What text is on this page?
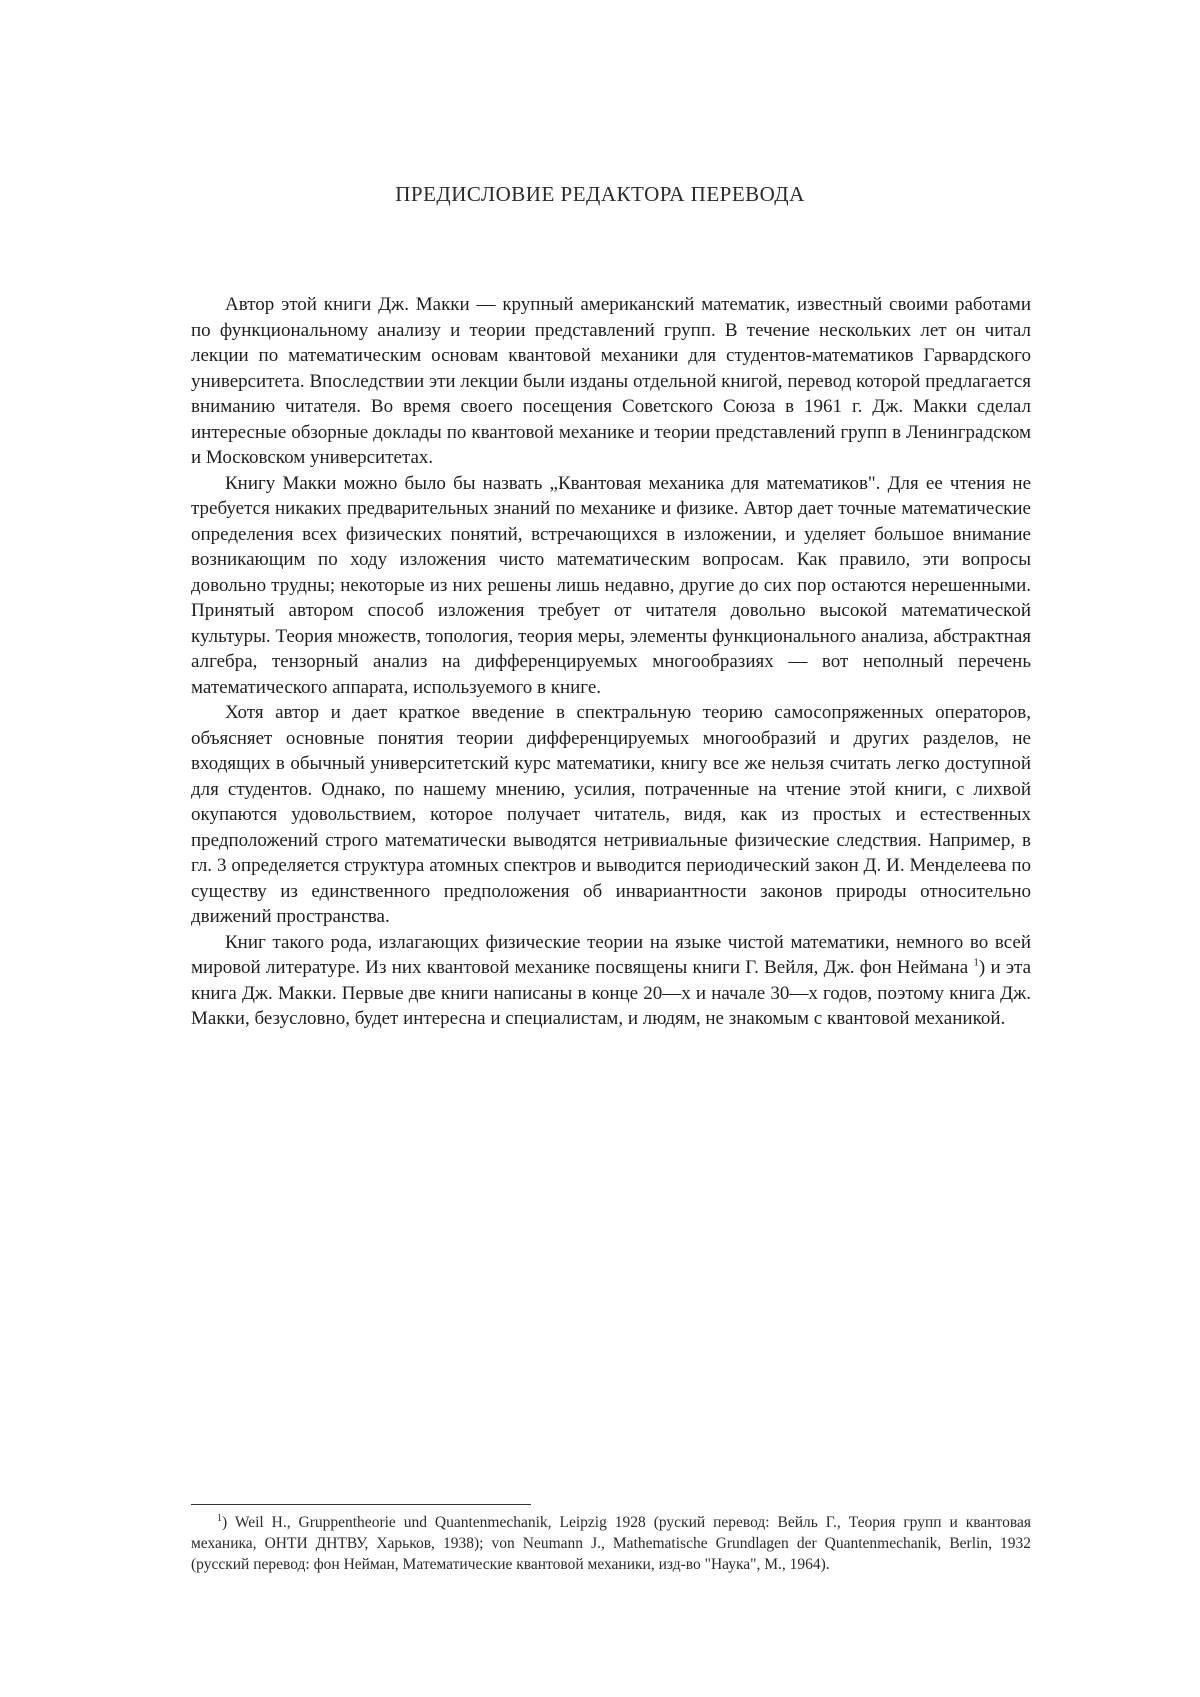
ПРЕДИСЛОВИЕ РЕДАКТОРА ПЕРЕВОДА

Автор этой книги Дж. Макки — крупный американский математик, известный своими работами по функциональному анализу и теории представлений групп. В течение нескольких лет он читал лекции по математическим основам квантовой механики для студентов-математиков Гарвардского университета. Впоследствии эти лекции были изданы отдельной книгой, перевод которой предлагается вниманию читателя. Во время своего посещения Советского Союза в 1961 г. Дж. Макки сделал интересные обзорные доклады по квантовой механике и теории представлений групп в Ленинградском и Московском университетах.

Книгу Макки можно было бы назвать „Квантовая механика для математиков". Для ее чтения не требуется никаких предварительных знаний по механике и физике. Автор дает точные математические определения всех физических понятий, встречающихся в изложении, и уделяет большое внимание возникающим по ходу изложения чисто математическим вопросам. Как правило, эти вопросы довольно трудны; некоторые из них решены лишь недавно, другие до сих пор остаются нерешенными. Принятый автором способ изложения требует от читателя довольно высокой математической культуры. Теория множеств, топология, теория меры, элементы функционального анализа, абстрактная алгебра, тензорный анализ на дифференцируемых многообразиях — вот неполный перечень математического аппарата, используемого в книге.

Хотя автор и дает краткое введение в спектральную теорию самосопряженных операторов, объясняет основные понятия теории дифференцируемых многообразий и других разделов, не входящих в обычный университетский курс математики, книгу все же нельзя считать легко доступной для студентов. Однако, по нашему мнению, усилия, потраченные на чтение этой книги, с лихвой окупаются удовольствием, которое получает читатель, видя, как из простых и естественных предположений строго математически выводятся нетривиальные физические следствия. Например, в гл. 3 определяется структура атомных спектров и выводится периодический закон Д. И. Менделеева по существу из единственного предположения об инвариантности законов природы относительно движений пространства.

Книг такого рода, излагающих физические теории на языке чистой математики, немного во всей мировой литературе. Из них квантовой механике посвящены книги Г. Вейля, Дж. фон Неймана $^1$) и эта книга Дж. Макки. Первые две книги написаны в конце 20—х и начале 30—х годов, поэтому книга Дж. Макки, безусловно, будет интересна и специалистам, и людям, не знакомым с квантовой механикой.

$^1$) Weil H., Gruppentheorie und Quantenmechanik, Leipzig 1928 (руский перевод: Вейль Г., Теория групп и квантовая механика, ОНТИ ДНТВУ, Харьков, 1938); von Neumann J., Mathematische Grundlagen der Quantenmechanik, Berlin, 1932 (русский перевод: фон Нейман, Математические квантовой механики, изд-во "Наука", М., 1964).
